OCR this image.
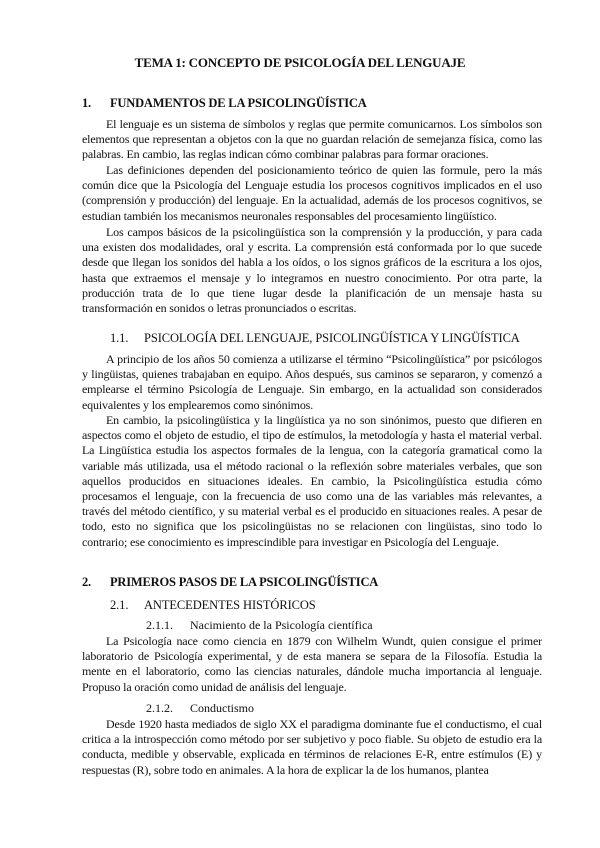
TEMA 1: CONCEPTO DE PSICOLOGÍA DEL LENGUAJE
1. FUNDAMENTOS DE LA PSICOLINGÜÍSTICA

El lenguaje es un sistema de símbolos y reglas que permite comunicarnos. Los símbolos son elementos que representan a objetos con la que no guardan relación de semejanza física, como las palabras. En cambio, las reglas indican cómo combinar palabras para formar oraciones.

Las definiciones dependen del posicionamiento teórico de quien las formule, pero la más común dice que la Psicología del Lenguaje estudia los procesos cognitivos implicados en el uso (comprensión y producción) del lenguaje. En la actualidad, además de los procesos cognitivos, se estudian también los mecanismos neuronales responsables del procesamiento lingüístico.

Los campos básicos de la psicolingüística son la comprensión y la producción, y para cada una existen dos modalidades, oral y escrita. La comprensión está conformada por lo que sucede desde que llegan los sonidos del habla a los oídos, o los signos gráficos de la escritura a los ojos, hasta que extraemos el mensaje y lo integramos en nuestro conocimiento. Por otra parte, la producción trata de lo que tiene lugar desde la planificación de un mensaje hasta su transformación en sonidos o letras pronunciados o escritas.

1.1. PSICOLOGÍA DEL LENGUAJE, PSICOLINGÜÍSTICA Y LINGÜÍSTICA

A principio de los años 50 comienza a utilizarse el término “Psicolingüística” por psicólogos y lingüistas, quienes trabajaban en equipo. Años después, sus caminos se separaron, y comenzó a emplearse el término Psicología de Lenguaje. Sin embargo, en la actualidad son considerados equivalentes y los emplearemos como sinónimos.

En cambio, la psicolingüística y la lingüística ya no son sinónimos, puesto que difieren en aspectos como el objeto de estudio, el tipo de estímulos, la metodología y hasta el material verbal. La Lingüística estudia los aspectos formales de la lengua, con la categoría gramatical como la variable más utilizada, usa el método racional o la reflexión sobre materiales verbales, que son aquellos producidos en situaciones ideales. En cambio, la Psicolingüística estudia cómo procesamos el lenguaje, con la frecuencia de uso como una de las variables más relevantes, a través del método científico, y su material verbal es el producido en situaciones reales. A pesar de todo, esto no significa que los psicolingüistas no se relacionen con lingüistas, sino todo lo contrario; ese conocimiento es imprescindible para investigar en Psicología del Lenguaje.

2. PRIMEROS PASOS DE LA PSICOLINGÜÍSTICA
2.1. ANTECEDENTES HISTÓRICOS
2.1.1. Nacimiento de la Psicología científica

La Psicología nace como ciencia en 1879 con Wilhelm Wundt, quien consigue el primer laboratorio de Psicología experimental, y de esta manera se separa de la Filosofía. Estudia la mente en el laboratorio, como las ciencias naturales, dándole mucha importancia al lenguaje. Propuso la oración como unidad de análisis del lenguaje.

2.1.2. Conductismo

Desde 1920 hasta mediados de siglo XX el paradigma dominante fue el conductismo, el cual critica a la introspección como método por ser subjetivo y poco fiable. Su objeto de estudio era la conducta, medible y observable, explicada en términos de relaciones E-R, entre estímulos (E) y respuestas (R), sobre todo en animales. A la hora de explicar la de los humanos, plantea
